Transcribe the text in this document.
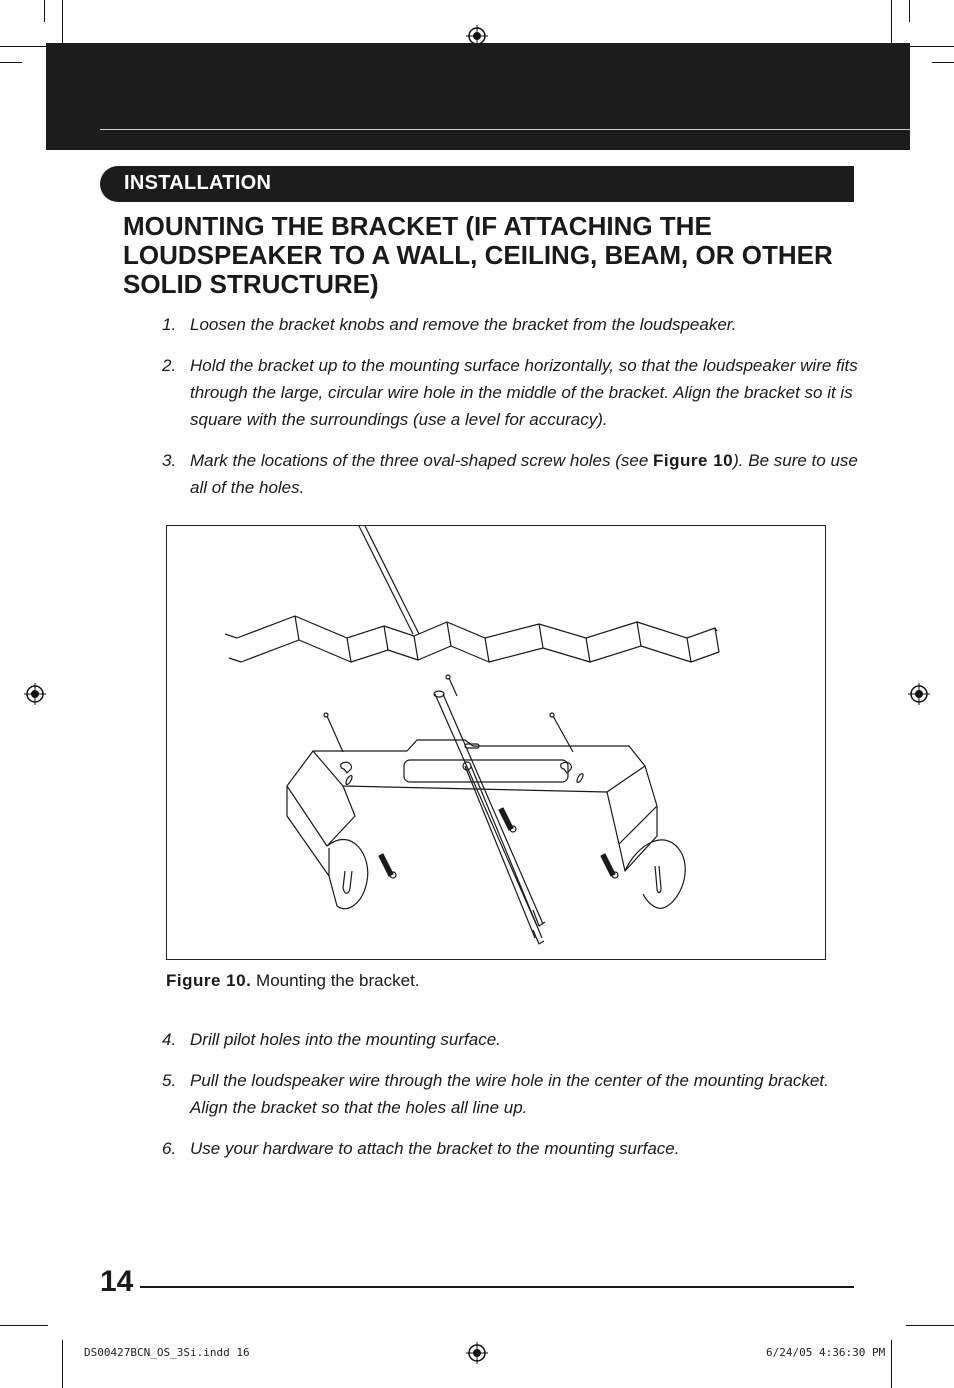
INSTALLATION
MOUNTING THE BRACKET (IF ATTACHING THE LOUDSPEAKER TO A WALL, CEILING, BEAM, OR OTHER SOLID STRUCTURE)
1. Loosen the bracket knobs and remove the bracket from the loudspeaker.
2. Hold the bracket up to the mounting surface horizontally, so that the loudspeaker wire fits through the large, circular wire hole in the middle of the bracket. Align the bracket so it is square with the surroundings (use a level for accuracy).
3. Mark the locations of the three oval-shaped screw holes (see Figure 10). Be sure to use all of the holes.
Figure 10. Mounting the bracket.
4. Drill pilot holes into the mounting surface.
5. Pull the loudspeaker wire through the wire hole in the center of the mounting bracket. Align the bracket so that the holes all line up.
6. Use your hardware to attach the bracket to the mounting surface.
14
DS00427BCN_OS_3Si.indd 16	6/24/05 4:36:30 PM
